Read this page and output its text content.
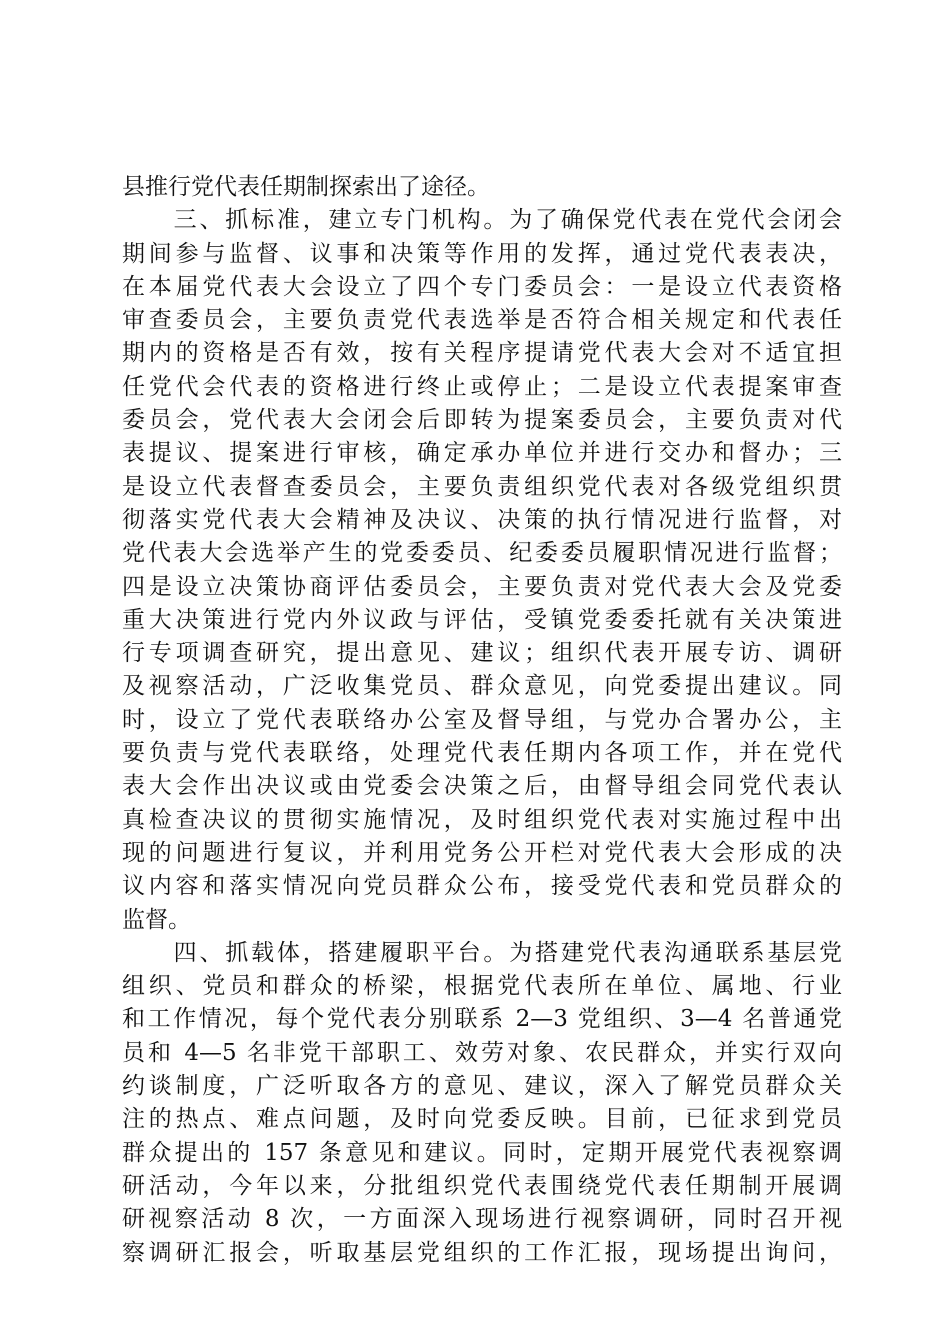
县推行党代表任期制探索出了途径。
　　三、抓标准，建立专门机构。为了确保党代表在党代会闭会
期间参与监督、议事和决策等作用的发挥，通过党代表表决，
在本届党代表大会设立了四个专门委员会：一是设立代表资格
审查委员会，主要负责党代表选举是否符合相关规定和代表任
期内的资格是否有效，按有关程序提请党代表大会对不适宜担
任党代会代表的资格进行终止或停止；二是设立代表提案审查
委员会，党代表大会闭会后即转为提案委员会，主要负责对代
表提议、提案进行审核，确定承办单位并进行交办和督办；三
是设立代表督查委员会，主要负责组织党代表对各级党组织贯
彻落实党代表大会精神及决议、决策的执行情况进行监督，对
党代表大会选举产生的党委委员、纪委委员履职情况进行监督；
四是设立决策协商评估委员会，主要负责对党代表大会及党委
重大决策进行党内外议政与评估，受镇党委委托就有关决策进
行专项调查研究，提出意见、建议；组织代表开展专访、调研
及视察活动，广泛收集党员、群众意见，向党委提出建议。同
时，设立了党代表联络办公室及督导组，与党办合署办公，主
要负责与党代表联络，处理党代表任期内各项工作，并在党代
表大会作出决议或由党委会决策之后，由督导组会同党代表认
真检查决议的贯彻实施情况，及时组织党代表对实施过程中出
现的问题进行复议，并利用党务公开栏对党代表大会形成的决
议内容和落实情况向党员群众公布，接受党代表和党员群众的
监督。
　　四、抓载体，搭建履职平台。为搭建党代表沟通联系基层党
组织、党员和群众的桥梁，根据党代表所在单位、属地、行业
和工作情况，每个党代表分别联系 2—3 党组织、3—4 名普通党
员和 4—5 名非党干部职工、效劳对象、农民群众，并实行双向
约谈制度，广泛听取各方的意见、建议，深入了解党员群众关
注的热点、难点问题，及时向党委反映。目前，已征求到党员
群众提出的 157 条意见和建议。同时，定期开展党代表视察调
研活动，今年以来，分批组织党代表围绕党代表任期制开展调
研视察活动 8 次，一方面深入现场进行视察调研，同时召开视
察调研汇报会，听取基层党组织的工作汇报，现场提出询问，
